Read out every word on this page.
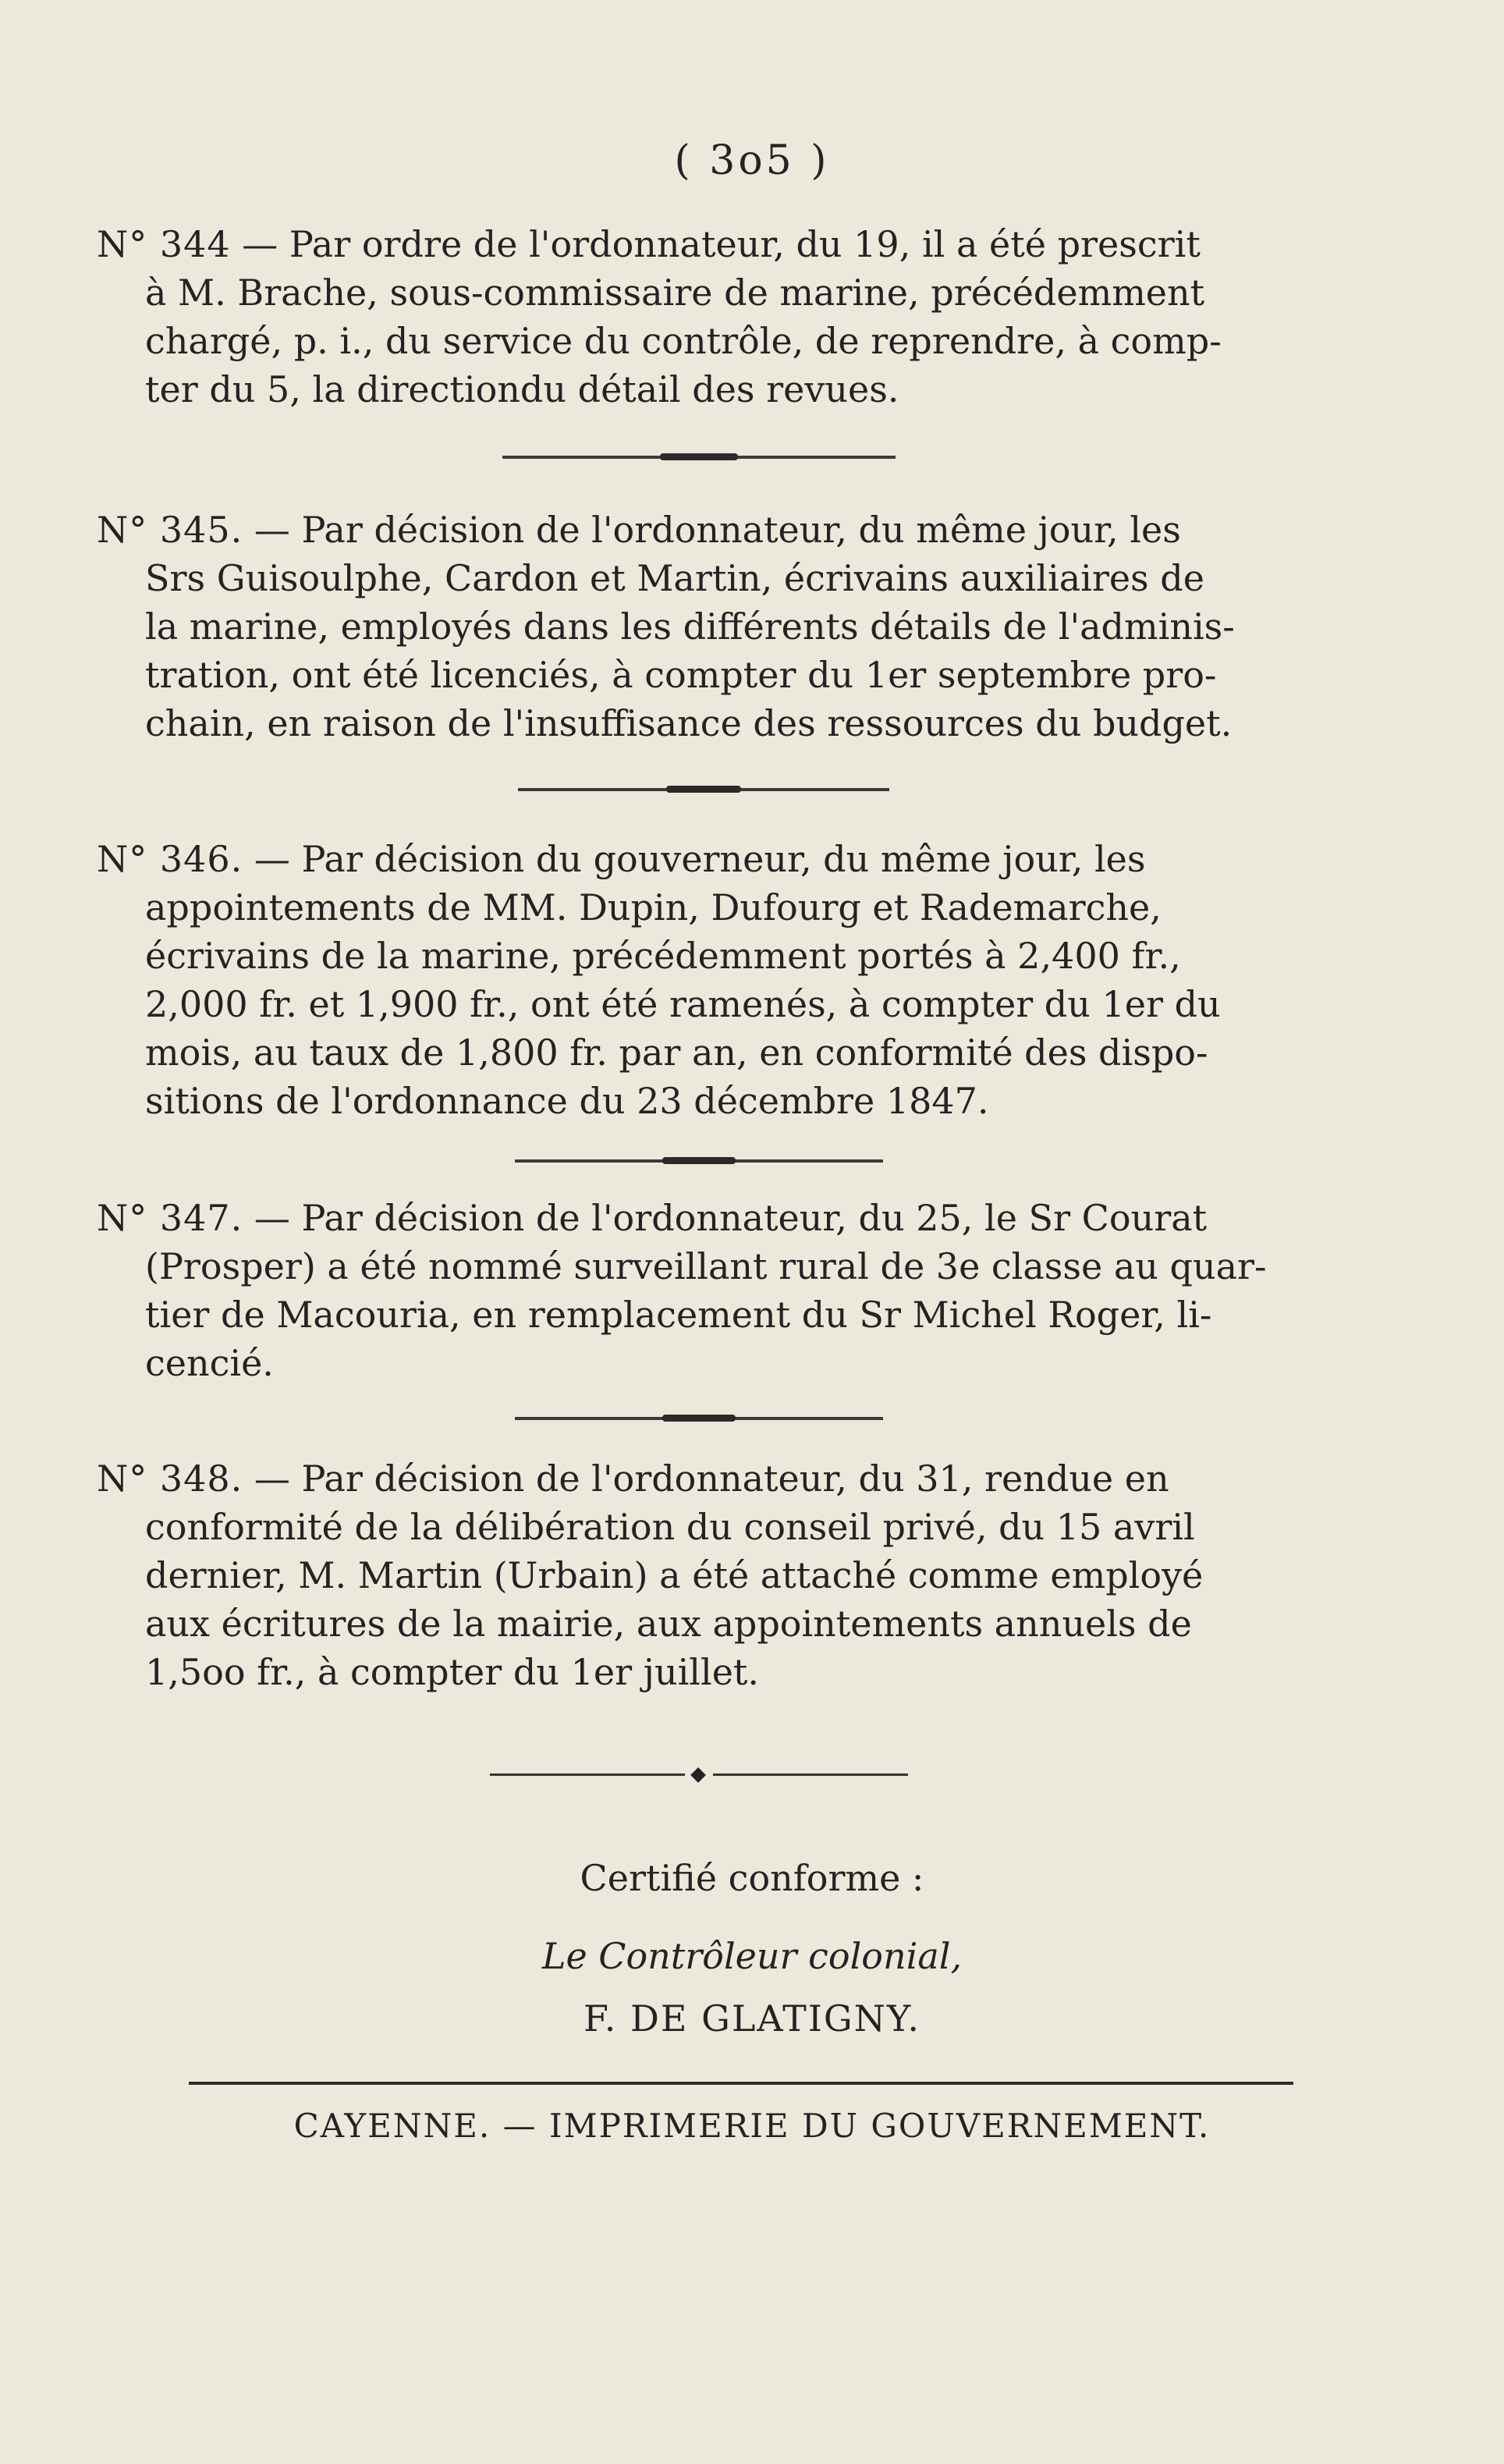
( 3o5 )

N° 344 — Par ordre de l'ordonnateur, du 19, il a été prescrit

à M. Brache, sous-commissaire de marine, précédemment

chargé, p. i., du service du contrôle, de reprendre, à comp-

ter du 5, la directiondu détail des revues.

N° 345. — Par décision de l'ordonnateur, du même jour, les

Srs Guisoulphe, Cardon et Martin, écrivains auxiliaires de

la marine, employés dans les différents détails de l'adminis-

tration, ont été licenciés, à compter du 1er septembre pro-

chain, en raison de l'insuffisance des ressources du budget.

N° 346. — Par décision du gouverneur, du même jour, les

appointements de MM. Dupin, Dufourg et Rademarche,

écrivains de la marine, précédemment portés à 2,400 fr.,

2,000 fr. et 1,900 fr., ont été ramenés, à compter du 1er du

mois, au taux de 1,800 fr. par an, en conformité des dispo-

sitions de l'ordonnance du 23 décembre 1847.

N° 347. — Par décision de l'ordonnateur, du 25, le Sr Courat

(Prosper) a été nommé surveillant rural de 3e classe au quar-

tier de Macouria, en remplacement du Sr Michel Roger, li-

cencié.

N° 348. — Par décision de l'ordonnateur, du 31, rendue en

conformité de la délibération du conseil privé, du 15 avril

dernier, M. Martin (Urbain) a été attaché comme employé

aux écritures de la mairie, aux appointements annuels de

1,5oo fr., à compter du 1er juillet.

Certifié conforme :
Le Contrôleur colonial,
F. DE GLATIGNY.
CAYENNE. — IMPRIMERIE DU GOUVERNEMENT.
